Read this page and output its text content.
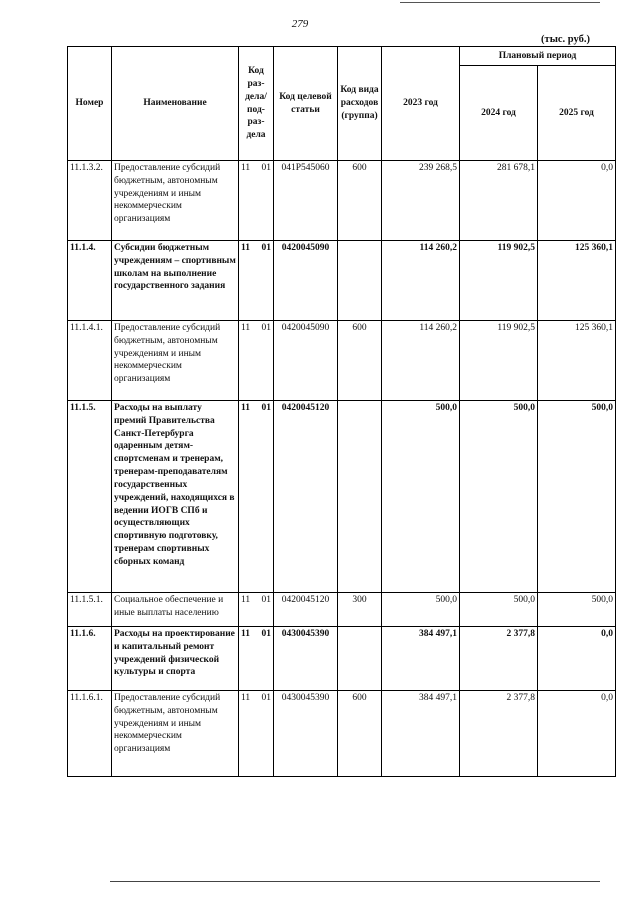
279
(тыс. руб.)
Номер	Наименование	Код раз-дела/ под-раз-дела	Код целевой статьи	Код вида расходов (группа)	2023 год	Плановый период	
						2024 год	2025 год
11.1.3.2.	Предоставление субсидий бюджетным, автономным учреждениям и иным некоммерческим организациям	11 01	041P545060	600	239 268,5	281 678,1	0,0
11.1.4.	Субсидии бюджетным учреждениям – спортивным школам на выполнение государственного задания	11 01	0420045090		114 260,2	119 902,5	125 360,1
11.1.4.1.	Предоставление субсидий бюджетным, автономным учреждениям и иным некоммерческим организациям	11 01	0420045090	600	114 260,2	119 902,5	125 360,1
11.1.5.	Расходы на выплату премий Правительства Санкт-Петербурга одаренным детям-спортсменам и тренерам, тренерам-преподавателям государственных учреждений, находящихся в ведении ИОГВ СПб и осуществляющих спортивную подготовку, тренерам спортивных сборных команд	11 01	0420045120		500,0	500,0	500,0
11.1.5.1.	Социальное обеспечение и иные выплаты населению	11 01	0420045120	300	500,0	500,0	500,0
11.1.6.	Расходы на проектирование и капитальный ремонт учреждений физической культуры и спорта	11 01	0430045390		384 497,1	2 377,8	0,0
11.1.6.1.	Предоставление субсидий бюджетным, автономным учреждениям и иным некоммерческим организациям	11 01	0430045390	600	384 497,1	2 377,8	0,0
